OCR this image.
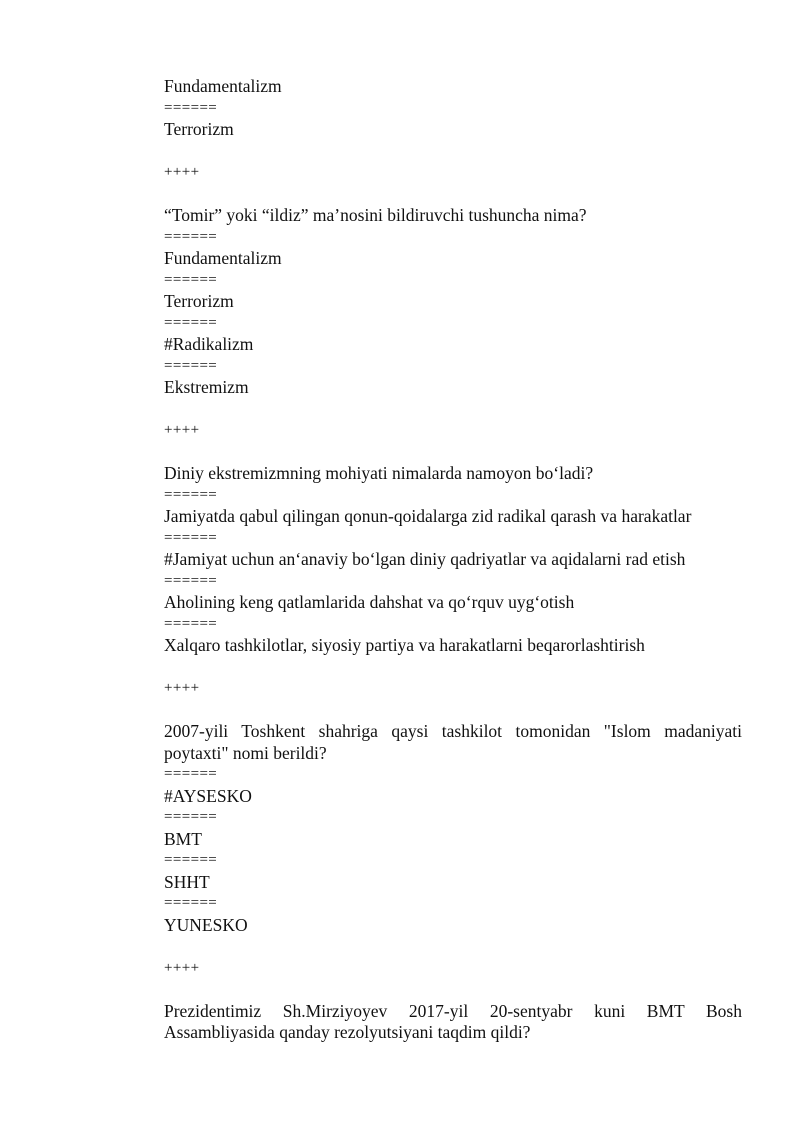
Fundamentalizm
======
Terrorizm
++++
“Tomir” yoki “ildiz” ma’nosini bildiruvchi tushuncha nima?
======
Fundamentalizm
======
Terrorizm
======
#Radikalizm
======
Ekstremizm
++++
Diniy ekstremizmning mohiyati nimalarda namoyon bo‘ladi?
======
Jamiyatda qabul qilingan qonun-qoidalarga zid radikal qarash va harakatlar
======
#Jamiyat uchun an‘anaviy bo‘lgan diniy qadriyatlar va aqidalarni rad etish
======
Aholining keng qatlamlarida dahshat va qo‘rquv uyg‘otish
======
Xalqaro tashkilotlar, siyosiy partiya va harakatlarni beqarorlashtirish
++++
2007-yili Toshkent shahriga qaysi tashkilot tomonidan "Islom madaniyati poytaxti" nomi berildi?
======
#AYSESKO
======
BMT
======
SHHT
======
YUNESKO
++++
Prezidentimiz Sh.Mirziyoyev 2017-yil 20-sentyabr kuni BMT Bosh Assambliyasida qanday rezolyutsiyani taqdim qildi?
